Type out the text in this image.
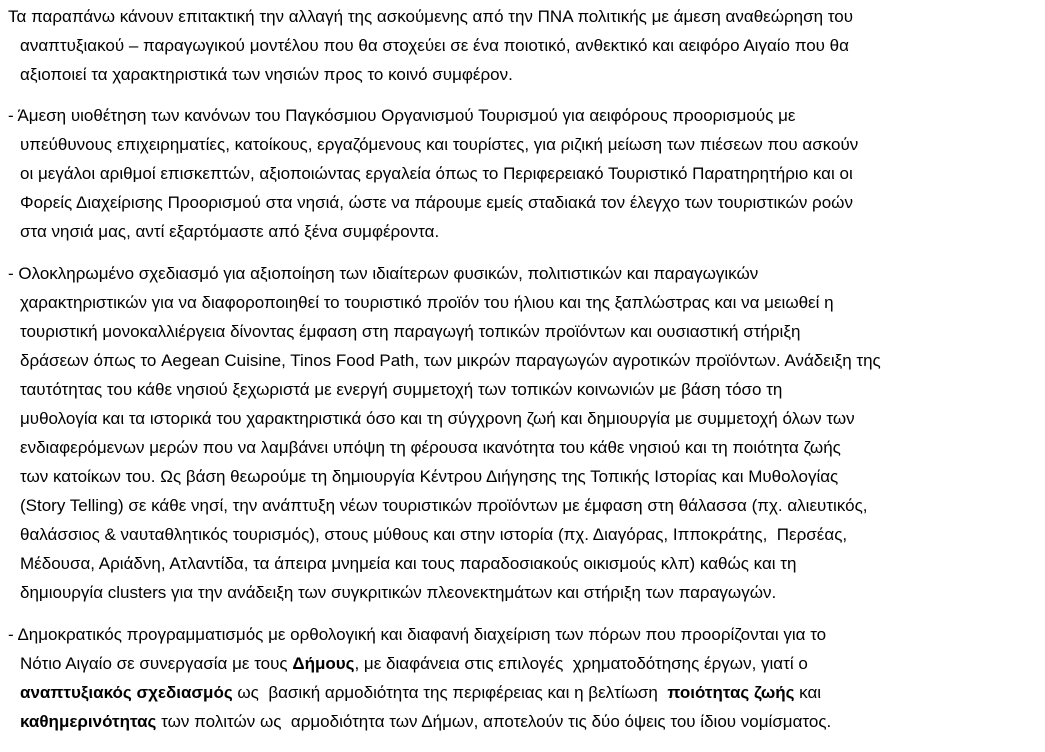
Τα παραπάνω κάνουν επιτακτική την αλλαγή της ασκούμενης από την ΠΝΑ πολιτικής με άμεση αναθεώρηση του
αναπτυξιακού – παραγωγικού μοντέλου που θα στοχεύει σε ένα ποιοτικό, ανθεκτικό και αειφόρο Αιγαίο που θα
αξιοποιεί τα χαρακτηριστικά των νησιών προς το κοινό συμφέρον.
- Άμεση υιοθέτηση των κανόνων του Παγκόσμιου Οργανισμού Τουρισμού για αειφόρους προορισμούς με
υπεύθυνους επιχειρηματίες, κατοίκους, εργαζόμενους και τουρίστες, για ριζική μείωση των πιέσεων που ασκούν
οι μεγάλοι αριθμοί επισκεπτών, αξιοποιώντας εργαλεία όπως το Περιφερειακό Τουριστικό Παρατηρητήριο και οι
Φορείς Διαχείρισης Προορισμού στα νησιά, ώστε να πάρουμε εμείς σταδιακά τον έλεγχο των τουριστικών ροών
στα νησιά μας, αντί εξαρτόμαστε από ξένα συμφέροντα.
- Ολοκληρωμένο σχεδιασμό για αξιοποίηση των ιδιαίτερων φυσικών, πολιτιστικών και παραγωγικών
χαρακτηριστικών για να διαφοροποιηθεί το τουριστικό προϊόν του ήλιου και της ξαπλώστρας και να μειωθεί η
τουριστική μονοκαλλιέργεια δίνοντας έμφαση στη παραγωγή τοπικών προϊόντων και ουσιαστική στήριξη
δράσεων όπως το Aegean Cuisine, Tinos Food Path, των μικρών παραγωγών αγροτικών προϊόντων. Ανάδειξη της
ταυτότητας του κάθε νησιού ξεχωριστά με ενεργή συμμετοχή των τοπικών κοινωνιών με βάση τόσο τη
μυθολογία και τα ιστορικά του χαρακτηριστικά όσο και τη σύγχρονη ζωή και δημιουργία με συμμετοχή όλων των
ενδιαφερόμενων μερών που να λαμβάνει υπόψη τη φέρουσα ικανότητα του κάθε νησιού και τη ποιότητα ζωής
των κατοίκων του. Ως βάση θεωρούμε τη δημιουργία Κέντρου Διήγησης της Τοπικής Ιστορίας και Μυθολογίας
(Story Telling) σε κάθε νησί, την ανάπτυξη νέων τουριστικών προϊόντων με έμφαση στη θάλασσα (πχ. αλιευτικός,
θαλάσσιος & ναυταθλητικός τουρισμός), στους μύθους και στην ιστορία (πχ. Διαγόρας, Ιπποκράτης,  Περσέας,
Μέδουσα, Αριάδνη, Ατλαντίδα, τα άπειρα μνημεία και τους παραδοσιακούς οικισμούς κλπ) καθώς και τη
δημιουργία clusters για την ανάδειξη των συγκριτικών πλεονεκτημάτων και στήριξη των παραγωγών.
- Δημοκρατικός προγραμματισμός με ορθολογική και διαφανή διαχείριση των πόρων που προορίζονται για το
Νότιο Αιγαίο σε συνεργασία με τους Δήμους, με διαφάνεια στις επιλογές  χρηματοδότησης έργων, γιατί ο
αναπτυξιακός σχεδιασμός ως  βασική αρμοδιότητα της περιφέρειας και η βελτίωση  ποιότητας ζωής και
καθημερινότητας των πολιτών ως  αρμοδιότητα των Δήμων, αποτελούν τις δύο όψεις του ίδιου νομίσματος.
